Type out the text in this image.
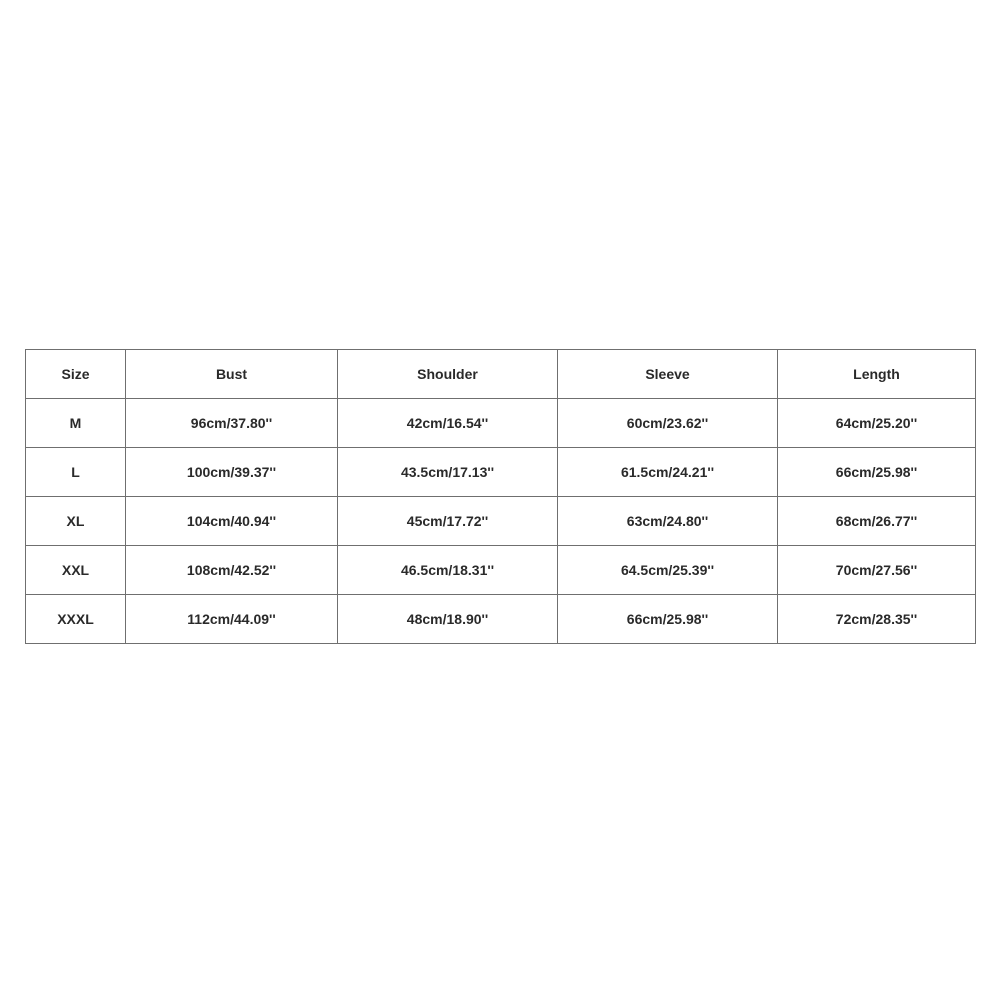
Size	Bust	Shoulder	Sleeve	Length
M	96cm/37.80''	42cm/16.54''	60cm/23.62''	64cm/25.20''
L	100cm/39.37''	43.5cm/17.13''	61.5cm/24.21''	66cm/25.98''
XL	104cm/40.94''	45cm/17.72''	63cm/24.80''	68cm/26.77''
XXL	108cm/42.52''	46.5cm/18.31''	64.5cm/25.39''	70cm/27.56''
XXXL	112cm/44.09''	48cm/18.90''	66cm/25.98''	72cm/28.35''
